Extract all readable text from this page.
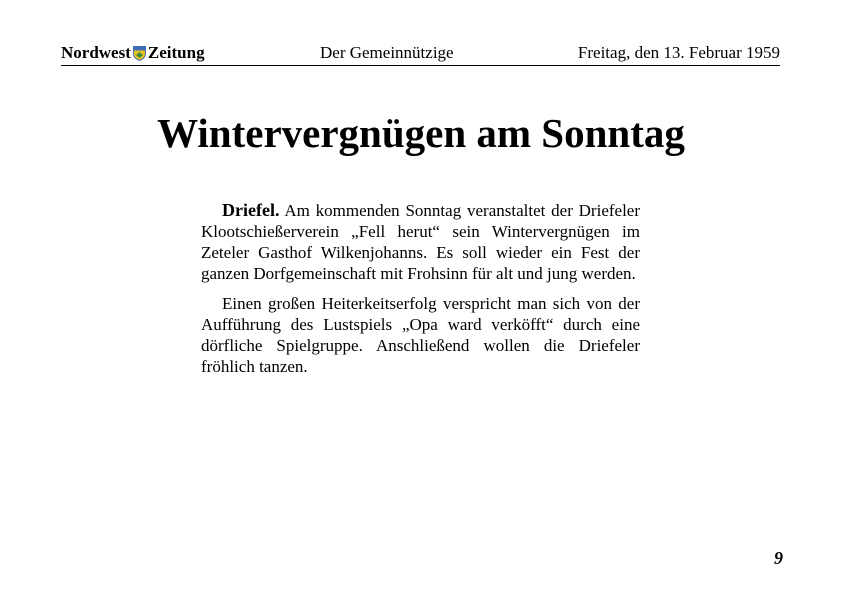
Nordwest Zeitung	Der Gemeinnützige	Freitag, den 13. Februar 1959
Wintervergnügen am Sonntag

Driefel. Am kommenden Sonntag veranstaltet der Driefeler Klootschießerverein „Fell herut“ sein Wintervergnügen im Zeteler Gasthof Wilkenjohanns. Es soll wieder ein Fest der ganzen Dorfgemeinschaft mit Frohsinn für alt und jung werden.

Einen großen Heiterkeitserfolg verspricht man sich von der Aufführung des Lustspiels „Opa ward verköfft“ durch eine dörfliche Spielgruppe. Anschließend wollen die Driefeler fröhlich tanzen.

9
